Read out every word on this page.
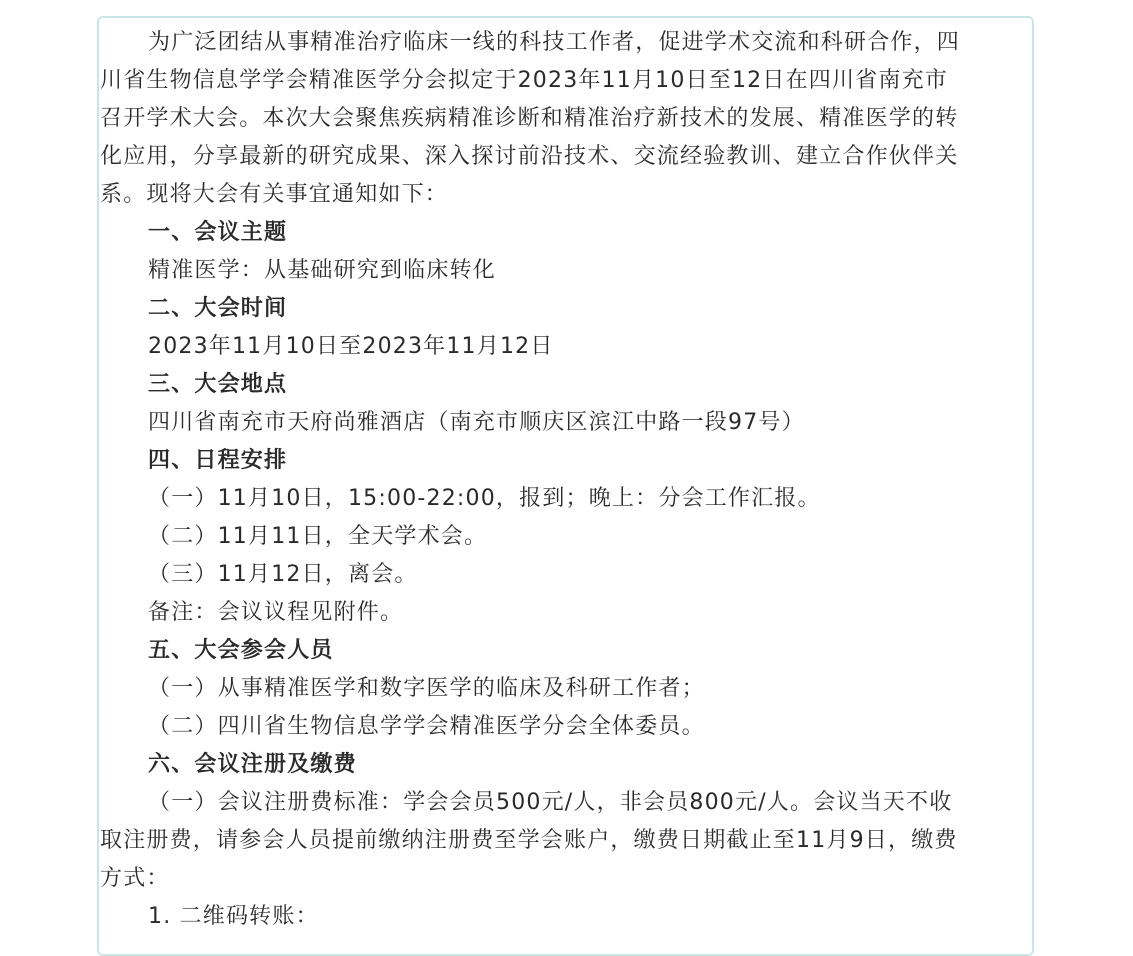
为广泛团结从事精准治疗临床一线的科技工作者，促进学术交流和科研合作，四
川省生物信息学学会精准医学分会拟定于2023年11月10日至12日在四川省南充市
召开学术大会。本次大会聚焦疾病精准诊断和精准治疗新技术的发展、精准医学的转
化应用，分享最新的研究成果、深入探讨前沿技术、交流经验教训、建立合作伙伴关
系。现将大会有关事宜通知如下：
一、会议主题
精准医学：从基础研究到临床转化
二、大会时间
2023年11月10日至2023年11月12日
三、大会地点
四川省南充市天府尚雅酒店（南充市顺庆区滨江中路一段97号）
四、日程安排
（一）11月10日，15:00-22:00，报到；晚上：分会工作汇报。
（二）11月11日，全天学术会。
（三）11月12日，离会。
备注：会议议程见附件。
五、大会参会人员
（一）从事精准医学和数字医学的临床及科研工作者；
（二）四川省生物信息学学会精准医学分会全体委员。
六、会议注册及缴费
（一）会议注册费标准：学会会员500元/人，非会员800元/人。会议当天不收
取注册费，请参会人员提前缴纳注册费至学会账户，缴费日期截止至11月9日，缴费
方式：
1. 二维码转账：
